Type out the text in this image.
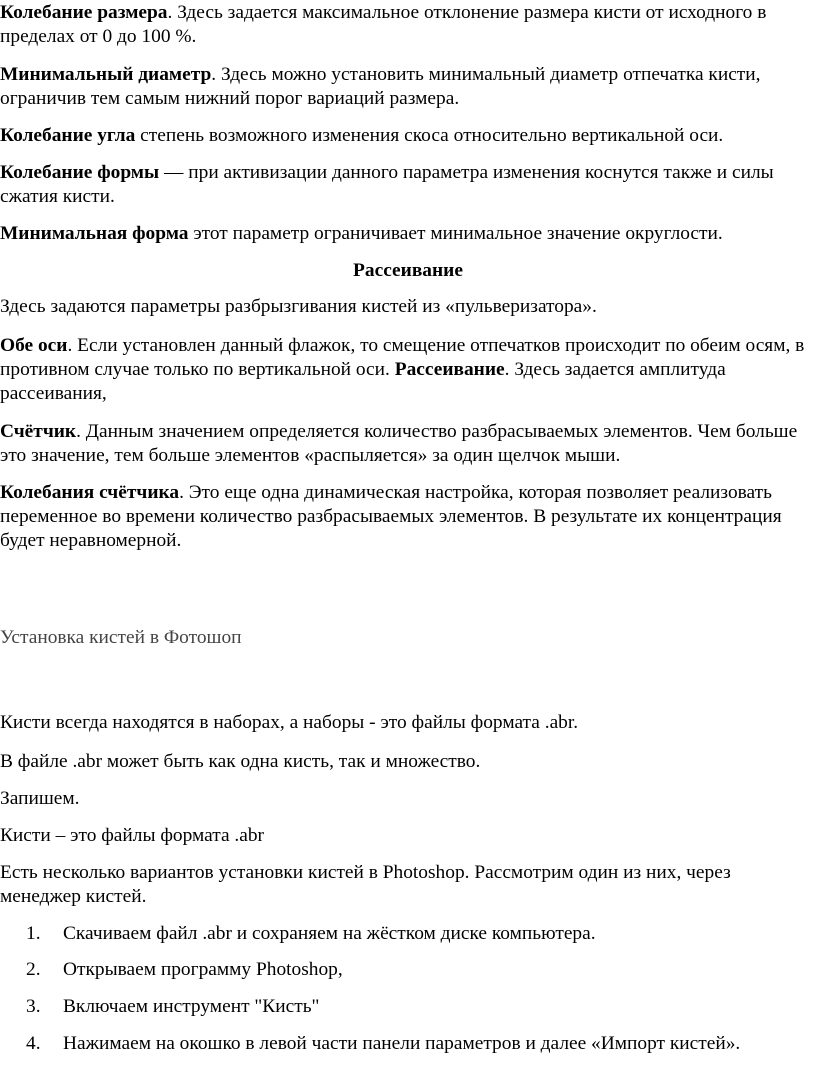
Колебание размера. Здесь задается максимальное отклонение размера кисти от исходного в пределах от 0 до 100 %.

Минимальный диаметр. Здесь можно установить минимальный диаметр отпечатка кисти, ограничив тем самым нижний порог вариаций размера.

Колебание угла степень возможного изменения скоса относительно вертикальной оси.

Колебание формы — при активизации данного параметра изменения коснутся также и силы сжатия кисти.

Минимальная форма этот параметр ограничивает минимальное значение округлости.

Рассеивание

Здесь задаются параметры разбрызгивания кистей из «пульверизатора».

Обе оси. Если установлен данный флажок, то смещение отпечатков происходит по обеим осям, в противном случае только по вертикальной оси. Рассеивание. Здесь задается амплитуда рассеивания,

Счётчик. Данным значением определяется количество разбрасываемых элементов. Чем больше это значение, тем больше элементов «распыляется» за один щелчок мыши.

Колебания счётчика. Это еще одна динамическая настройка, которая позволяет реализовать переменное во времени количество разбрасываемых элементов. В результате их концентрация будет неравномерной.

Установка кистей в Фотошоп

Кисти всегда находятся в наборах, а наборы - это файлы формата .abr.

В файле .abr может быть как одна кисть, так и множество.

Запишем.

Кисти – это файлы формата .abr

Есть несколько вариантов установки кистей в Photoshop. Рассмотрим один из них, через менеджер кистей.

1.	Скачиваем файл .abr и сохраняем на жёстком диске компьютера.
2.	Открываем программу Photoshop,
3.	Включаем инструмент "Кисть"
4.	Нажимаем на окошко в левой части панели параметров и далее «Импорт кистей».
